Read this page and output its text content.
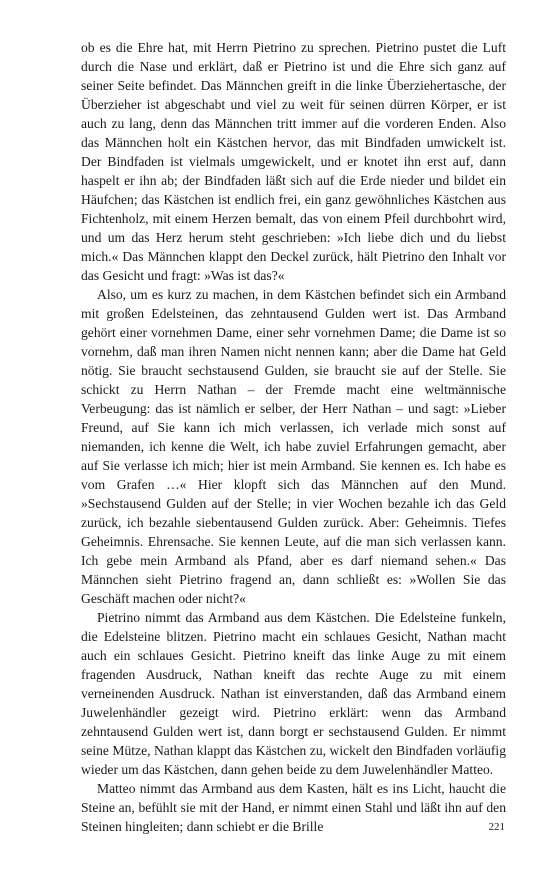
ob es die Ehre hat, mit Herrn Pietrino zu sprechen. Pietrino pustet die Luft durch die Nase und erklärt, daß er Pietrino ist und die Ehre sich ganz auf seiner Seite befindet. Das Männchen greift in die linke Überziehertasche, der Überzieher ist abgeschabt und viel zu weit für seinen dürren Körper, er ist auch zu lang, denn das Männchen tritt immer auf die vorderen Enden. Also das Männchen holt ein Kästchen hervor, das mit Bindfaden umwickelt ist. Der Bindfaden ist vielmals umgewickelt, und er knotet ihn erst auf, dann haspelt er ihn ab; der Bindfaden läßt sich auf die Erde nieder und bildet ein Häufchen; das Kästchen ist endlich frei, ein ganz gewöhnliches Kästchen aus Fichtenholz, mit einem Herzen bemalt, das von einem Pfeil durchbohrt wird, und um das Herz herum steht geschrieben: »Ich liebe dich und du liebst mich.« Das Männchen klappt den Deckel zurück, hält Pietrino den Inhalt vor das Gesicht und fragt: »Was ist das?«

Also, um es kurz zu machen, in dem Kästchen befindet sich ein Armband mit großen Edelsteinen, das zehntausend Gulden wert ist. Das Armband gehört einer vornehmen Dame, einer sehr vornehmen Dame; die Dame ist so vornehm, daß man ihren Namen nicht nennen kann; aber die Dame hat Geld nötig. Sie braucht sechstausend Gulden, sie braucht sie auf der Stelle. Sie schickt zu Herrn Nathan – der Fremde macht eine weltmännische Verbeugung: das ist nämlich er selber, der Herr Nathan – und sagt: »Lieber Freund, auf Sie kann ich mich verlassen, ich verlade mich sonst auf niemanden, ich kenne die Welt, ich habe zuviel Erfahrungen gemacht, aber auf Sie verlasse ich mich; hier ist mein Armband. Sie kennen es. Ich habe es vom Grafen …« Hier klopft sich das Männchen auf den Mund. »Sechstausend Gulden auf der Stelle; in vier Wochen bezahle ich das Geld zurück, ich bezahle siebentausend Gulden zurück. Aber: Geheimnis. Tiefes Geheimnis. Ehrensache. Sie kennen Leute, auf die man sich verlassen kann. Ich gebe mein Armband als Pfand, aber es darf niemand sehen.« Das Männchen sieht Pietrino fragend an, dann schließt es: »Wollen Sie das Geschäft machen oder nicht?«

Pietrino nimmt das Armband aus dem Kästchen. Die Edelsteine funkeln, die Edelsteine blitzen. Pietrino macht ein schlaues Gesicht, Nathan macht auch ein schlaues Gesicht. Pietrino kneift das linke Auge zu mit einem fragenden Ausdruck, Nathan kneift das rechte Auge zu mit einem verneinenden Ausdruck. Nathan ist einverstanden, daß das Armband einem Juwelenhändler gezeigt wird. Pietrino erklärt: wenn das Armband zehntausend Gulden wert ist, dann borgt er sechstausend Gulden. Er nimmt seine Mütze, Nathan klappt das Kästchen zu, wickelt den Bindfaden vorläufig wieder um das Kästchen, dann gehen beide zu dem Juwelenhändler Matteo.

Matteo nimmt das Armband aus dem Kasten, hält es ins Licht, haucht die Steine an, befühlt sie mit der Hand, er nimmt einen Stahl und läßt ihn auf den Steinen hingleiten; dann schiebt er die Brille	221
